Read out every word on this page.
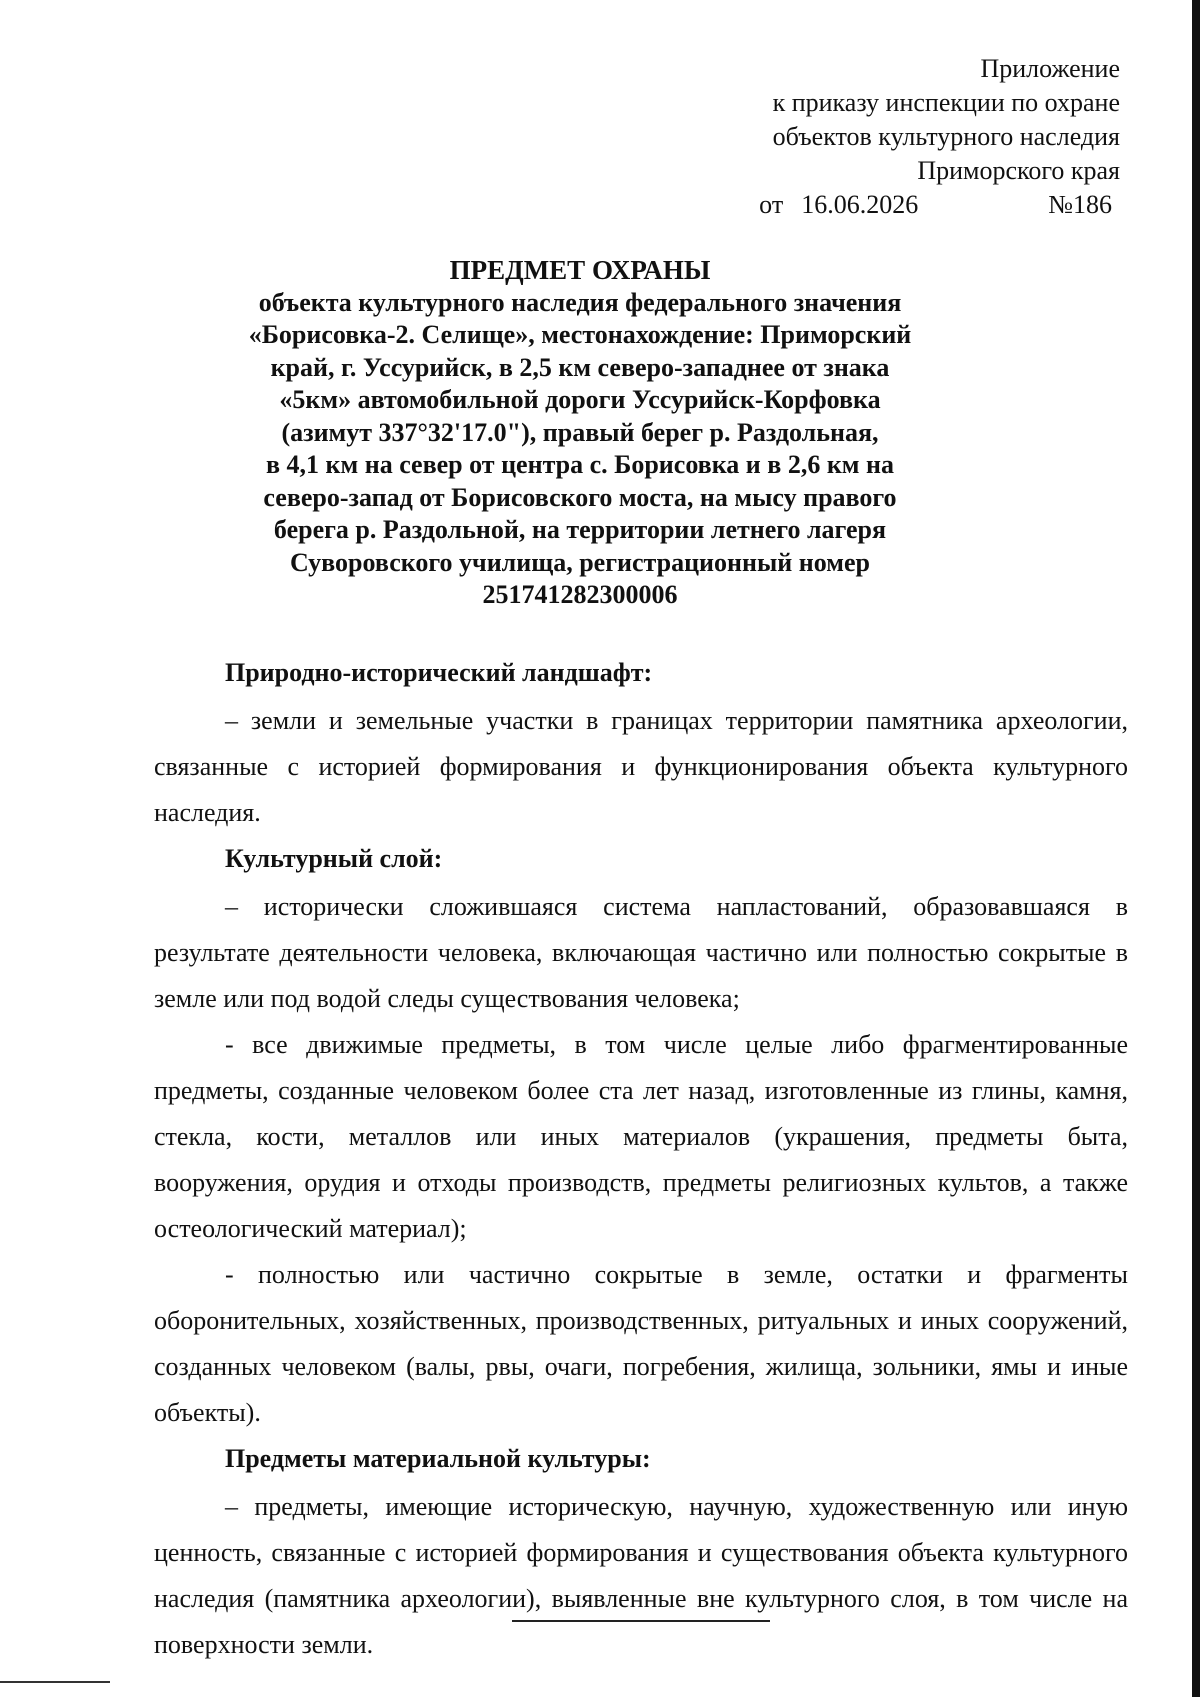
Приложение
к приказу инспекции по охране
объектов культурного наследия
Приморского края
от 16.06.2026	№186
ПРЕДМЕТ ОХРАНЫ
объекта культурного наследия федерального значения
«Борисовка-2. Селище», местонахождение: Приморский
край, г. Уссурийск, в 2,5 км северо-западнее от знака
«5км» автомобильной дороги Уссурийск-Корфовка
(азимут 337°32'17.0"), правый берег р. Раздольная,
в 4,1 км на север от центра с. Борисовка и в 2,6 км на
северо-запад от Борисовского моста, на мысу правого
берега р. Раздольной, на территории летнего лагеря
Суворовского училища, регистрационный номер
251741282300006
Природно-исторический ландшафт:

– земли и земельные участки в границах территории памятника археологии, связанные с историей формирования и функционирования объекта культурного наследия.

Культурный слой:

– исторически сложившаяся система напластований, образовавшаяся в результате деятельности человека, включающая частично или полностью сокрытые в земле или под водой следы существования человека;

- все движимые предметы, в том числе целые либо фрагментированные предметы, созданные человеком более ста лет назад, изготовленные из глины, камня, стекла, кости, металлов или иных материалов (украшения, предметы быта, вооружения, орудия и отходы производств, предметы религиозных культов, а также остеологический материал);

- полностью или частично сокрытые в земле, остатки и фрагменты оборонительных, хозяйственных, производственных, ритуальных и иных сооружений, созданных человеком (валы, рвы, очаги, погребения, жилища, зольники, ямы и иные объекты).

Предметы материальной культуры:

– предметы, имеющие историческую, научную, художественную или иную ценность, связанные с историей формирования и существования объекта культурного наследия (памятника археологии), выявленные вне культурного слоя, в том числе на поверхности земли.
